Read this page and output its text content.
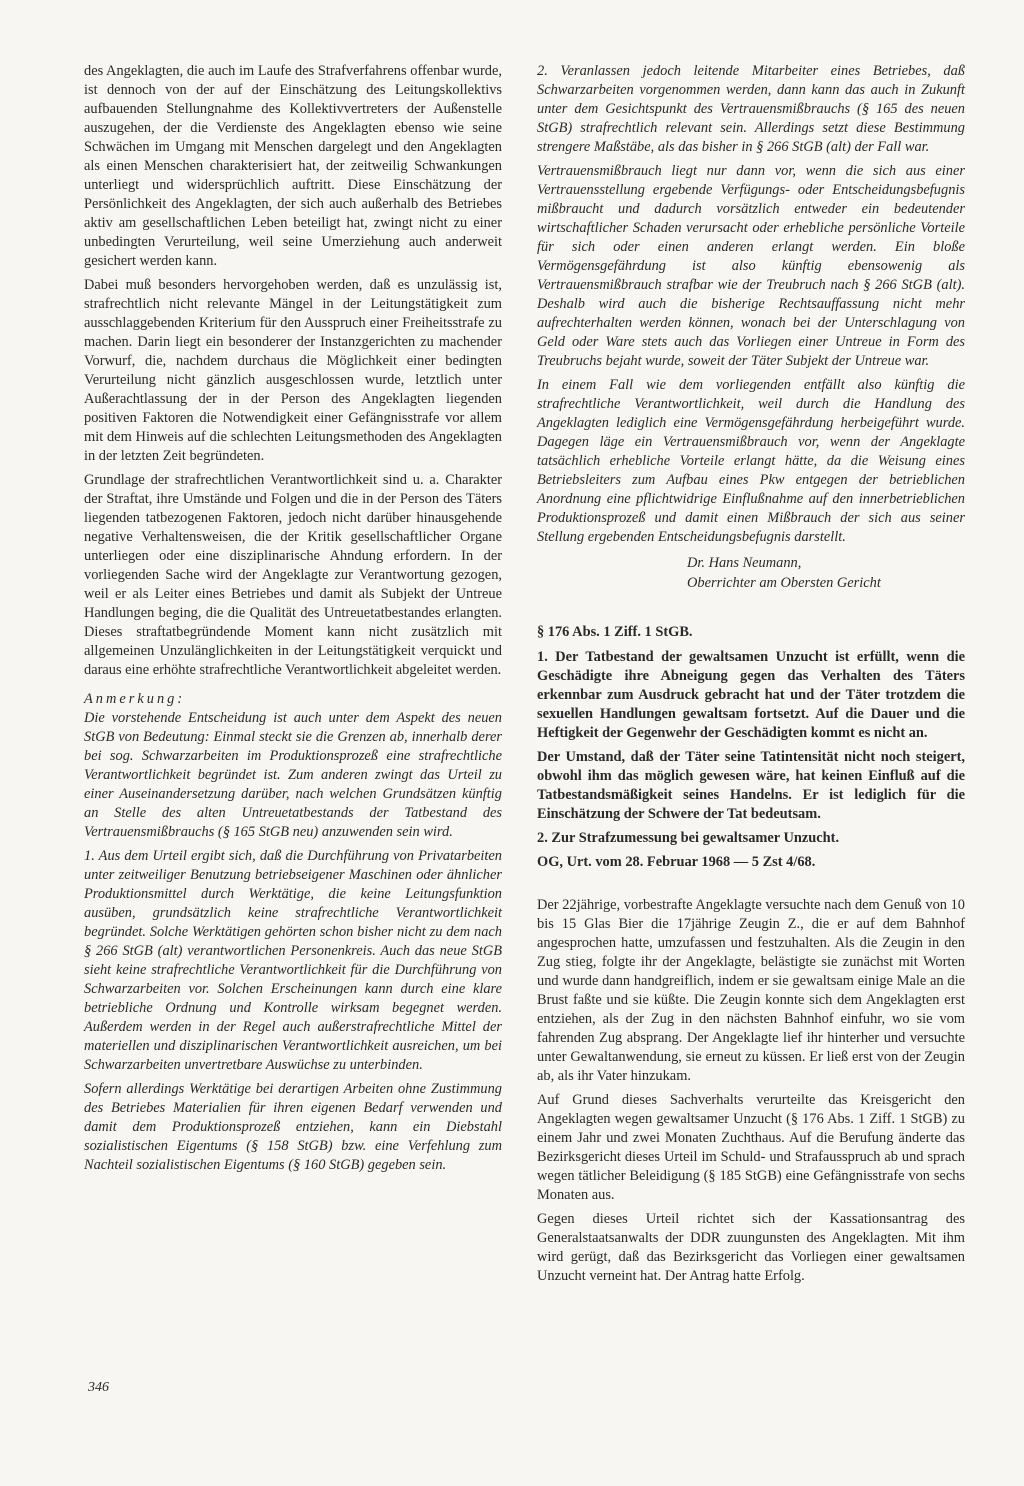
des Angeklagten, die auch im Laufe des Strafverfahrens offenbar wurde, ist dennoch von der auf der Einschätzung des Leitungskollektivs aufbauenden Stellungnahme des Kollektivvertreters der Außenstelle auszugehen, der die Verdienste des Angeklagten ebenso wie seine Schwächen im Umgang mit Menschen dargelegt und den Angeklagten als einen Menschen charakterisiert hat, der zeitweilig Schwankungen unterliegt und widersprüchlich auftritt. Diese Einschätzung der Persönlichkeit des Angeklagten, der sich auch außerhalb des Betriebes aktiv am gesellschaftlichen Leben beteiligt hat, zwingt nicht zu einer unbedingten Verurteilung, weil seine Umerziehung auch anderweit gesichert werden kann.

Dabei muß besonders hervorgehoben werden, daß es unzulässig ist, strafrechtlich nicht relevante Mängel in der Leitungstätigkeit zum ausschlaggebenden Kriterium für den Ausspruch einer Freiheitsstrafe zu machen. Darin liegt ein besonderer der Instanzgerichten zu machender Vorwurf, die, nachdem durchaus die Möglichkeit einer bedingten Verurteilung nicht gänzlich ausgeschlossen wurde, letztlich unter Außerachtlassung der in der Person des Angeklagten liegenden positiven Faktoren die Notwendigkeit einer Gefängnisstrafe vor allem mit dem Hinweis auf die schlechten Leitungsmethoden des Angeklagten in der letzten Zeit begründeten.

Grundlage der strafrechtlichen Verantwortlichkeit sind u. a. Charakter der Straftat, ihre Umstände und Folgen und die in der Person des Täters liegenden tatbezogenen Faktoren, jedoch nicht darüber hinausgehende negative Verhaltensweisen, die der Kritik gesellschaftlicher Organe unterliegen oder eine disziplinarische Ahndung erfordern. In der vorliegenden Sache wird der Angeklagte zur Verantwortung gezogen, weil er als Leiter eines Betriebes und damit als Subjekt der Untreue Handlungen beging, die die Qualität des Untreuetatbestandes erlangten. Dieses straftatbegründende Moment kann nicht zusätzlich mit allgemeinen Unzulänglichkeiten in der Leitungstätigkeit verquickt und daraus eine erhöhte strafrechtliche Verantwortlichkeit abgeleitet werden.

Anmerkung:

Die vorstehende Entscheidung ist auch unter dem Aspekt des neuen StGB von Bedeutung: Einmal steckt sie die Grenzen ab, innerhalb derer bei sog. Schwarzarbeiten im Produktionsprozeß eine strafrechtliche Verantwortlichkeit begründet ist. Zum anderen zwingt das Urteil zu einer Auseinandersetzung darüber, nach welchen Grundsätzen künftig an Stelle des alten Untreuetatbestands der Tatbestand des Vertrauensmißbrauchs (§ 165 StGB neu) anzuwenden sein wird.

1. Aus dem Urteil ergibt sich, daß die Durchführung von Privatarbeiten unter zeitweiliger Benutzung betriebseigener Maschinen oder ähnlicher Produktionsmittel durch Werktätige, die keine Leitungsfunktion ausüben, grundsätzlich keine strafrechtliche Verantwortlichkeit begründet. Solche Werktätigen gehörten schon bisher nicht zu dem nach § 266 StGB (alt) verantwortlichen Personenkreis. Auch das neue StGB sieht keine strafrechtliche Verantwortlichkeit für die Durchführung von Schwarzarbeiten vor. Solchen Erscheinungen kann durch eine klare betriebliche Ordnung und Kontrolle wirksam begegnet werden. Außerdem werden in der Regel auch außerstrafrechtliche Mittel der materiellen und disziplinarischen Verantwortlichkeit ausreichen, um bei Schwarzarbeiten unvertretbare Auswüchse zu unterbinden.

Sofern allerdings Werktätige bei derartigen Arbeiten ohne Zustimmung des Betriebes Materialien für ihren eigenen Bedarf verwenden und damit dem Produktionsprozeß entziehen, kann ein Diebstahl sozialistischen Eigentums (§ 158 StGB) bzw. eine Verfehlung zum Nachteil sozialistischen Eigentums (§ 160 StGB) gegeben sein.

2. Veranlassen jedoch leitende Mitarbeiter eines Betriebes, daß Schwarzarbeiten vorgenommen werden, dann kann das auch in Zukunft unter dem Gesichtspunkt des Vertrauensmißbrauchs (§ 165 des neuen StGB) strafrechtlich relevant sein. Allerdings setzt diese Bestimmung strengere Maßstäbe, als das bisher in § 266 StGB (alt) der Fall war.

Vertrauensmißbrauch liegt nur dann vor, wenn die sich aus einer Vertrauensstellung ergebende Verfügungs- oder Entscheidungsbefugnis mißbraucht und dadurch vorsätzlich entweder ein bedeutender wirtschaftlicher Schaden verursacht oder erhebliche persönliche Vorteile für sich oder einen anderen erlangt werden. Ein bloße Vermögensgefährdung ist also künftig ebensowenig als Vertrauensmißbrauch strafbar wie der Treubruch nach § 266 StGB (alt). Deshalb wird auch die bisherige Rechtsauffassung nicht mehr aufrechterhalten werden können, wonach bei der Unterschlagung von Geld oder Ware stets auch das Vorliegen einer Untreue in Form des Treubruchs bejaht wurde, soweit der Täter Subjekt der Untreue war.

In einem Fall wie dem vorliegenden entfällt also künftig die strafrechtliche Verantwortlichkeit, weil durch die Handlung des Angeklagten lediglich eine Vermögensgefährdung herbeigeführt wurde. Dagegen läge ein Vertrauensmißbrauch vor, wenn der Angeklagte tatsächlich erhebliche Vorteile erlangt hätte, da die Weisung eines Betriebsleiters zum Aufbau eines Pkw entgegen der betrieblichen Anordnung eine pflichtwidrige Einflußnahme auf den innerbetrieblichen Produktionsprozeß und damit einen Mißbrauch der sich aus seiner Stellung ergebenden Entscheidungsbefugnis darstellt.

Dr. Hans Neumann,
Oberrichter am Obersten Gericht

§ 176 Abs. 1 Ziff. 1 StGB.

1. Der Tatbestand der gewaltsamen Unzucht ist erfüllt, wenn die Geschädigte ihre Abneigung gegen das Verhalten des Täters erkennbar zum Ausdruck gebracht hat und der Täter trotzdem die sexuellen Handlungen gewaltsam fortsetzt. Auf die Dauer und die Heftigkeit der Gegenwehr der Geschädigten kommt es nicht an.

Der Umstand, daß der Täter seine Tatintensität nicht noch steigert, obwohl ihm das möglich gewesen wäre, hat keinen Einfluß auf die Tatbestandsmäßigkeit seines Handelns. Er ist lediglich für die Einschätzung der Schwere der Tat bedeutsam.

2. Zur Strafzumessung bei gewaltsamer Unzucht.

OG, Urt. vom 28. Februar 1968 — 5 Zst 4/68.

Der 22jährige, vorbestrafte Angeklagte versuchte nach dem Genuß von 10 bis 15 Glas Bier die 17jährige Zeugin Z., die er auf dem Bahnhof angesprochen hatte, umzufassen und festzuhalten. Als die Zeugin in den Zug stieg, folgte ihr der Angeklagte, belästigte sie zunächst mit Worten und wurde dann handgreiflich, indem er sie gewaltsam einige Male an die Brust faßte und sie küßte. Die Zeugin konnte sich dem Angeklagten erst entziehen, als der Zug in den nächsten Bahnhof einfuhr, wo sie vom fahrenden Zug absprang. Der Angeklagte lief ihr hinterher und versuchte unter Gewaltanwendung, sie erneut zu küssen. Er ließ erst von der Zeugin ab, als ihr Vater hinzukam.

Auf Grund dieses Sachverhalts verurteilte das Kreisgericht den Angeklagten wegen gewaltsamer Unzucht (§ 176 Abs. 1 Ziff. 1 StGB) zu einem Jahr und zwei Monaten Zuchthaus. Auf die Berufung änderte das Bezirksgericht dieses Urteil im Schuld- und Strafausspruch ab und sprach wegen tätlicher Beleidigung (§ 185 StGB) eine Gefängnisstrafe von sechs Monaten aus.

Gegen dieses Urteil richtet sich der Kassationsantrag des Generalstaatsanwalts der DDR zuungunsten des Angeklagten. Mit ihm wird gerügt, daß das Bezirksgericht das Vorliegen einer gewaltsamen Unzucht verneint hat. Der Antrag hatte Erfolg.

346
